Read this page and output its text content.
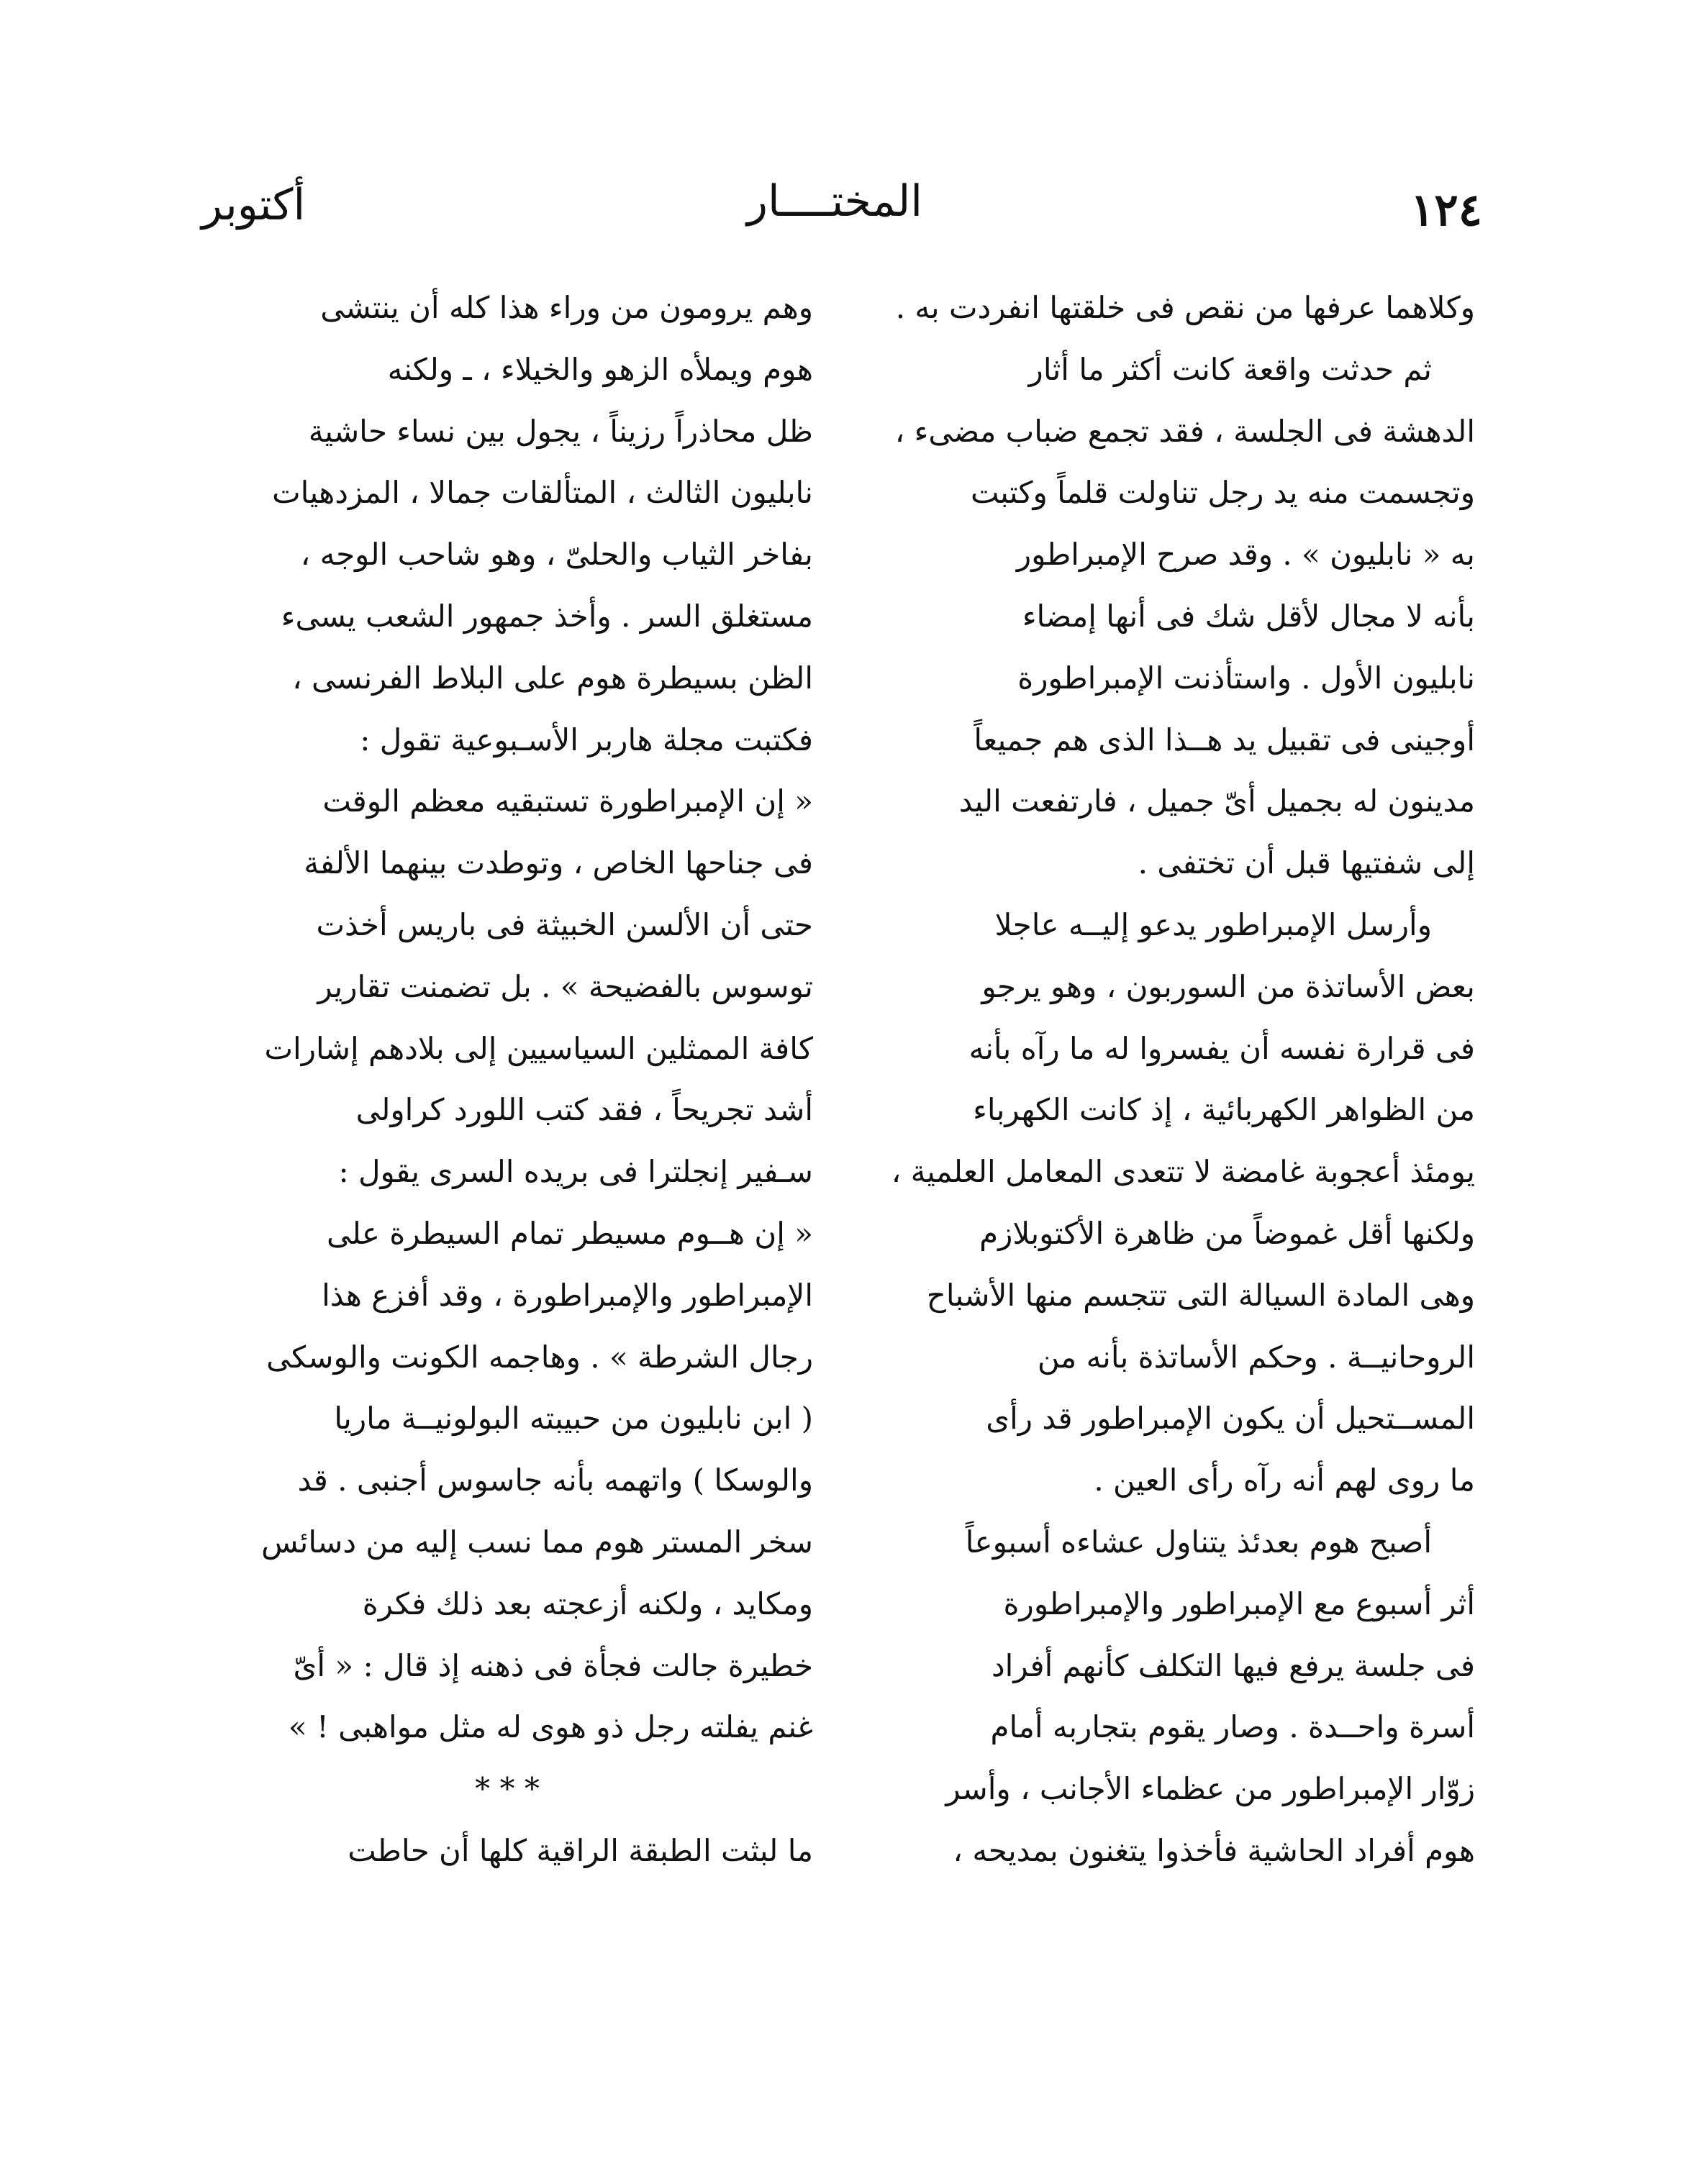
١٢٤
المختــــار
أكتوبر
وكلاهما عرفها من نقص فى خلقتها انفردت به .
ثم حدثت واقعة كانت أكثر ما أثار
الدهشة فى الجلسة ، فقد تجمع ضباب مضىء ،
وتجسمت منه يد رجل تناولت قلماً وكتبت
به « نابليون » . وقد صرح الإمبراطور
بأنه لا مجال لأقل شك فى أنها إمضاء
نابليون الأول . واستأذنت الإمبراطورة
أوجينى فى تقبيل يد هــذا الذى هم جميعاً
مدينون له بجميل أىّ جميل ، فارتفعت اليد
إلى شفتيها قبل أن تختفى .
وأرسل الإمبراطور يدعو إليــه عاجلا
بعض الأساتذة من السوربون ، وهو يرجو
فى قرارة نفسه أن يفسروا له ما رآه بأنه
من الظواهر الكهربائية ، إذ كانت الكهرباء
يومئذ أعجوبة غامضة لا تتعدى المعامل العلمية ،
ولكنها أقل غموضاً من ظاهرة الأكتوبلازم
وهى المادة السيالة التى تتجسم منها الأشباح
الروحانيــة . وحكم الأساتذة بأنه من
المســتحيل أن يكون الإمبراطور قد رأى
ما روى لهم أنه رآه رأى العين .
أصبح هوم بعدئذ يتناول عشاءه أسبوعاً
أثر أسبوع مع الإمبراطور والإمبراطورة
فى جلسة يرفع فيها التكلف كأنهم أفراد
أسرة واحــدة . وصار يقوم بتجاربه أمام
زوّار الإمبراطور من عظماء الأجانب ، وأسر
هوم أفراد الحاشية فأخذوا يتغنون بمديحه ،
وهم يرومون من وراء هذا كله أن ينتشى
هوم ويملأه الزهو والخيلاء ، ـ ولكنه
ظل محاذراً رزيناً ، يجول بين نساء حاشية
نابليون الثالث ، المتألقات جمالا ، المزدهيات
بفاخر الثياب والحلىّ ، وهو شاحب الوجه ،
مستغلق السر . وأخذ جمهور الشعب يسىء
الظن بسيطرة هوم على البلاط الفرنسى ،
فكتبت مجلة هاربر الأسـبوعية تقول :
« إن الإمبراطورة تستبقيه معظم الوقت
فى جناحها الخاص ، وتوطدت بينهما الألفة
حتى أن الألسن الخبيثة فى باريس أخذت
توسوس بالفضيحة » . بل تضمنت تقارير
كافة الممثلين السياسيين إلى بلادهم إشارات
أشد تجريحاً ، فقد كتب اللورد كراولى
سـفير إنجلترا فى بريده السرى يقول :
« إن هــوم مسيطر تمام السيطرة على
الإمبراطور والإمبراطورة ، وقد أفزع هذا
رجال الشرطة » . وهاجمه الكونت والوسكى
( ابن نابليون من حبيبته البولونيــة ماريا
والوسكا ) واتهمه بأنه جاسوس أجنبى . قد
سخر المستر هوم مما نسب إليه من دسائس
ومكايد ، ولكنه أزعجته بعد ذلك فكرة
خطيرة جالت فجأة فى ذهنه إذ قال : « أىّ
غنم يفلته رجل ذو هوى له مثل مواهبى ! »
* * *
ما لبثت الطبقة الراقية كلها أن حاطت
